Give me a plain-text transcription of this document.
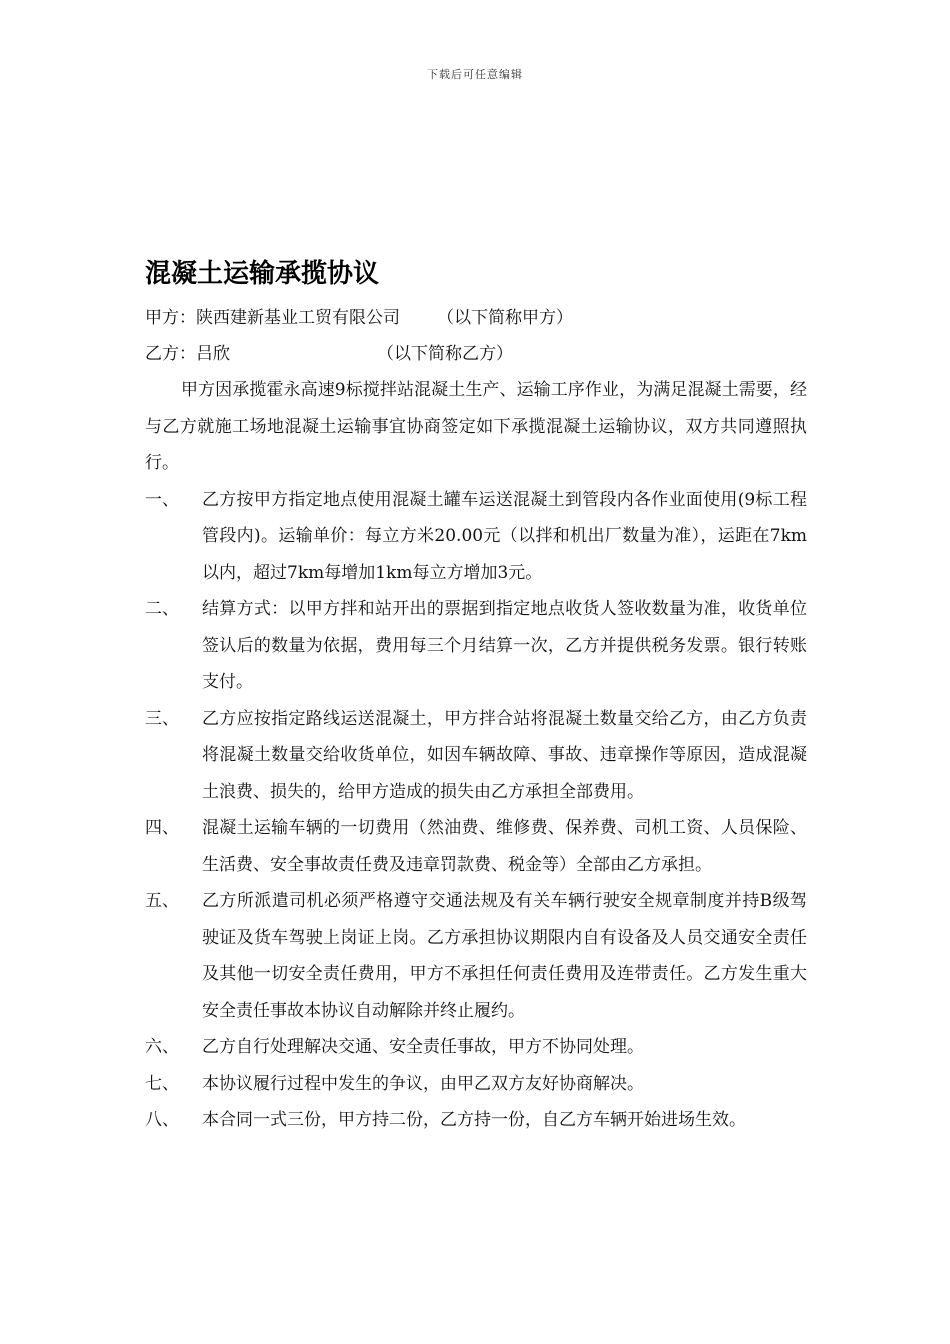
下载后可任意编辑
混凝土运输承揽协议
甲方：陕西建新基业工贸有限公司 （以下简称甲方）
乙方：吕欣	（以下简称乙方）

甲方因承揽霍永高速9标搅拌站混凝土生产、运输工序作业，为满足混凝土需要，经与乙方就施工场地混凝土运输事宜协商签定如下承揽混凝土运输协议，双方共同遵照执行。

一、	乙方按甲方指定地点使用混凝土罐车运送混凝土到管段内各作业面使用(9标工程管段内)。运输单价：每立方米20.00元（以拌和机出厂数量为准），运距在7km以内，超过7km每增加1km每立方增加3元。
二、	结算方式：以甲方拌和站开出的票据到指定地点收货人签收数量为准，收货单位签认后的数量为依据，费用每三个月结算一次，乙方并提供税务发票。银行转账支付。
三、	乙方应按指定路线运送混凝土，甲方拌合站将混凝土数量交给乙方，由乙方负责将混凝土数量交给收货单位，如因车辆故障、事故、违章操作等原因，造成混凝土浪费、损失的，给甲方造成的损失由乙方承担全部费用。
四、	混凝土运输车辆的一切费用（然油费、维修费、保养费、司机工资、人员保险、生活费、安全事故责任费及违章罚款费、税金等）全部由乙方承担。
五、	乙方所派遣司机必须严格遵守交通法规及有关车辆行驶安全规章制度并持B级驾驶证及货车驾驶上岗证上岗。乙方承担协议期限内自有设备及人员交通安全责任及其他一切安全责任费用，甲方不承担任何责任费用及连带责任。乙方发生重大安全责任事故本协议自动解除并终止履约。
六、	乙方自行处理解决交通、安全责任事故，甲方不协同处理。
七、	本协议履行过程中发生的争议，由甲乙双方友好协商解决。
八、	本合同一式三份，甲方持二份，乙方持一份，自乙方车辆开始进场生效。
